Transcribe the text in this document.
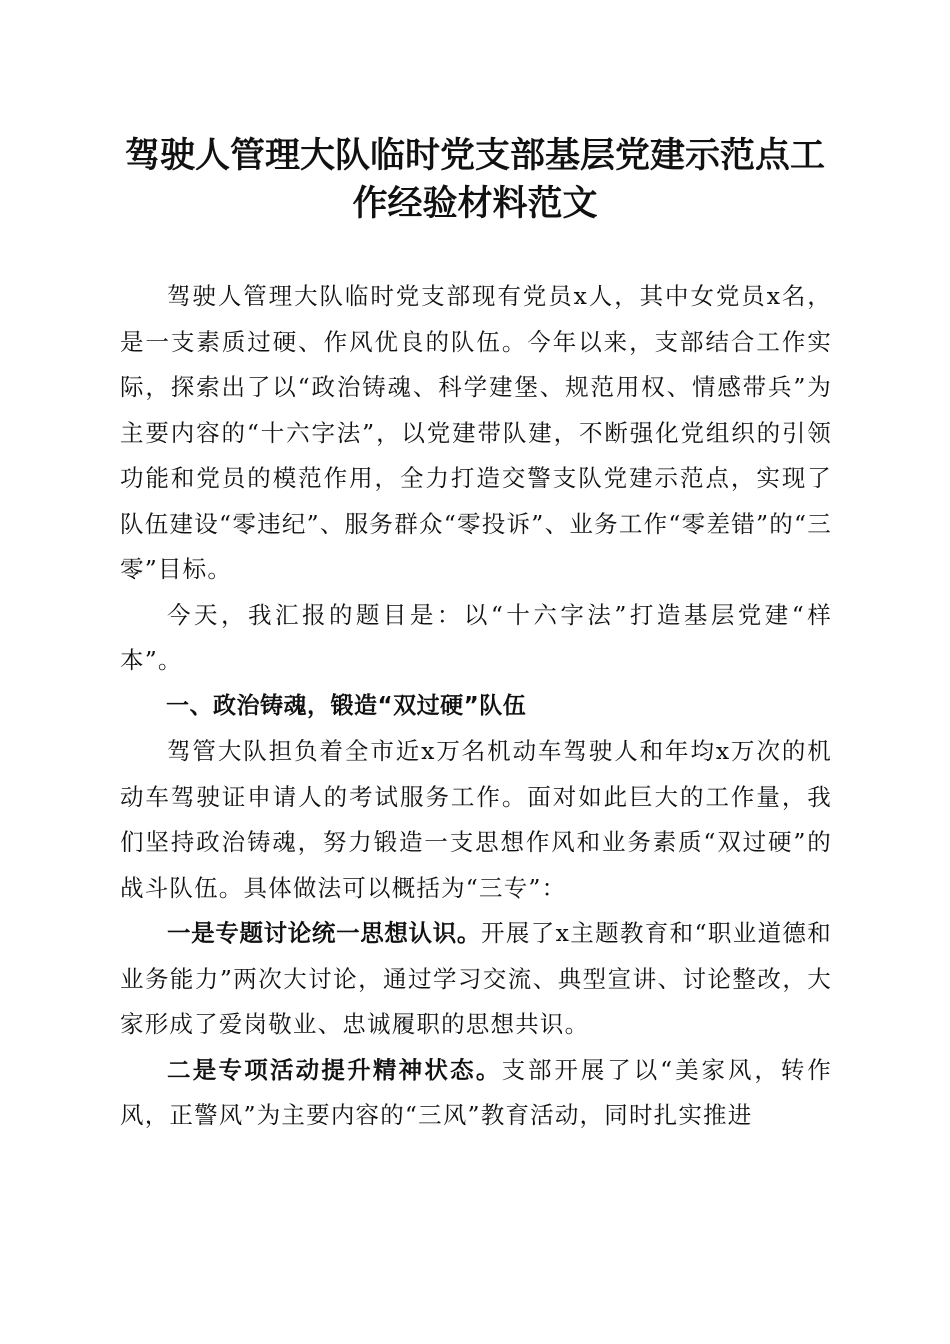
驾驶人管理大队临时党支部基层党建示范点工
作经验材料范文

驾驶人管理大队临时党支部现有党员x人，其中女党员x名，是一支素质过硬、作风优良的队伍。今年以来，支部结合工作实际，探索出了以“政治铸魂、科学建堡、规范用权、情感带兵”为主要内容的“十六字法”，以党建带队建，不断强化党组织的引领功能和党员的模范作用，全力打造交警支队党建示范点，实现了队伍建设“零违纪”、服务群众“零投诉”、业务工作“零差错”的“三零”目标。

今天，我汇报的题目是：以“十六字法”打造基层党建“样本”。

一、政治铸魂，锻造“双过硬”队伍

驾管大队担负着全市近x万名机动车驾驶人和年均x万次的机动车驾驶证申请人的考试服务工作。面对如此巨大的工作量，我们坚持政治铸魂，努力锻造一支思想作风和业务素质“双过硬”的战斗队伍。具体做法可以概括为“三专”：

一是专题讨论统一思想认识。开展了x主题教育和“职业道德和业务能力”两次大讨论，通过学习交流、典型宣讲、讨论整改，大家形成了爱岗敬业、忠诚履职的思想共识。

二是专项活动提升精神状态。支部开展了以“美家风，转作风，正警风”为主要内容的“三风”教育活动，同时扎实推进
